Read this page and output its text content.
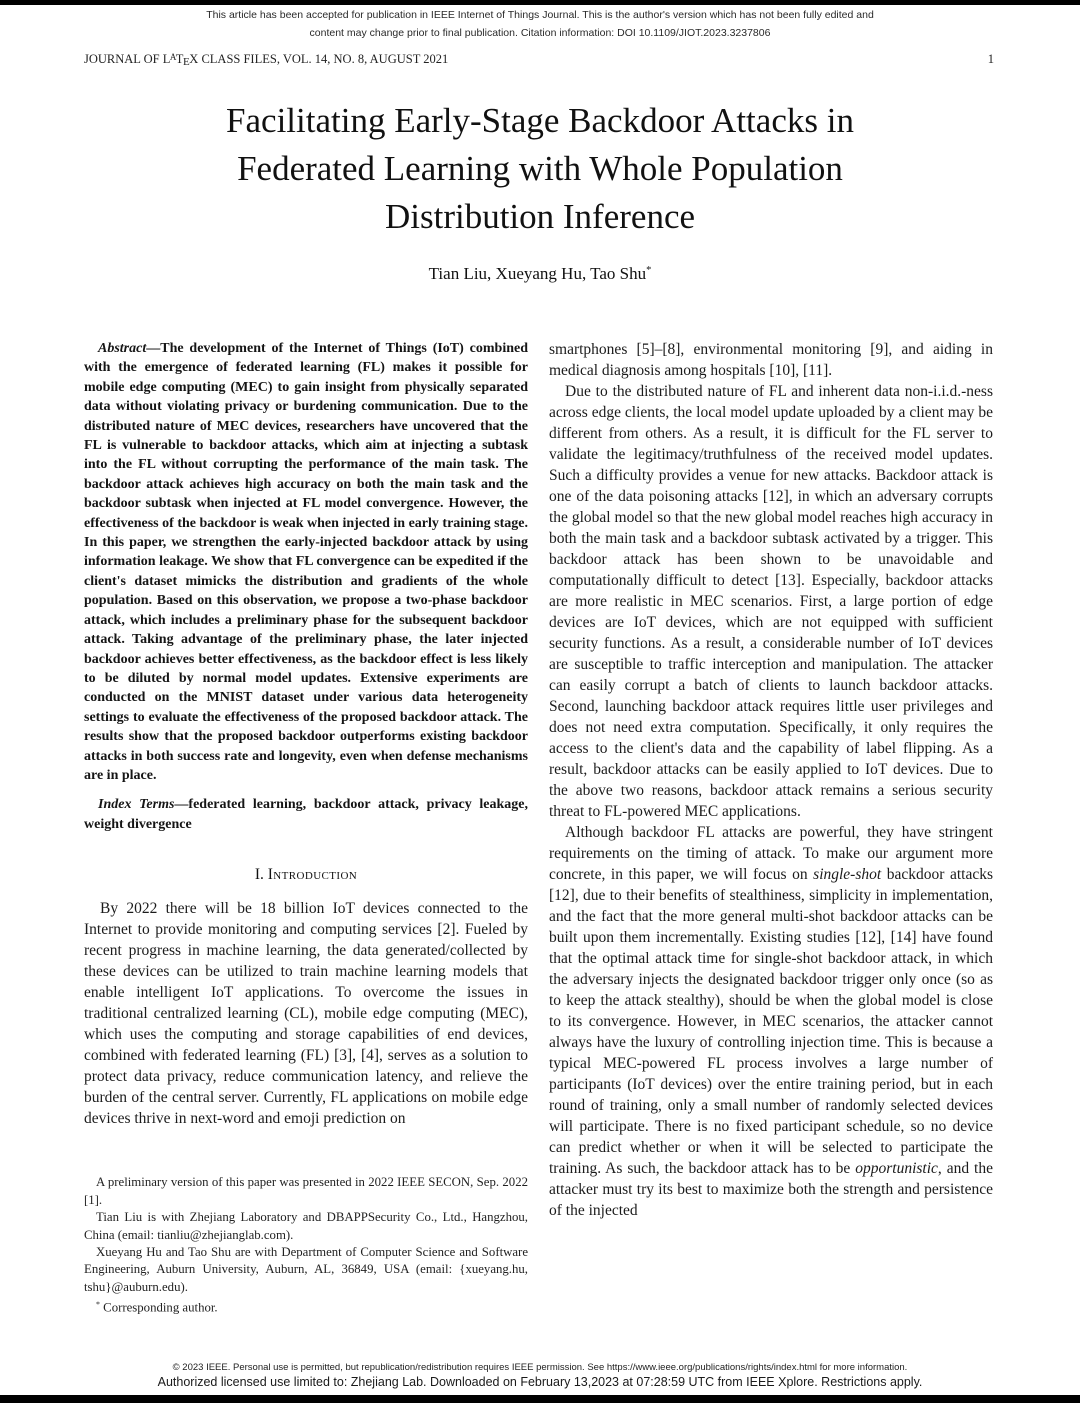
This article has been accepted for publication in IEEE Internet of Things Journal. This is the author's version which has not been fully edited and
content may change prior to final publication. Citation information: DOI 10.1109/JIOT.2023.3237806
JOURNAL OF LATEX CLASS FILES, VOL. 14, NO. 8, AUGUST 2021	1
Facilitating Early-Stage Backdoor Attacks in
Federated Learning with Whole Population
Distribution Inference
Tian Liu, Xueyang Hu, Tao Shu*

Abstract—The development of the Internet of Things (IoT) combined with the emergence of federated learning (FL) makes it possible for mobile edge computing (MEC) to gain insight from physically separated data without violating privacy or burdening communication. Due to the distributed nature of MEC devices, researchers have uncovered that the FL is vulnerable to backdoor attacks, which aim at injecting a subtask into the FL without corrupting the performance of the main task. The backdoor attack achieves high accuracy on both the main task and the backdoor subtask when injected at FL model convergence. However, the effectiveness of the backdoor is weak when injected in early training stage. In this paper, we strengthen the early-injected backdoor attack by using information leakage. We show that FL convergence can be expedited if the client's dataset mimicks the distribution and gradients of the whole population. Based on this observation, we propose a two-phase backdoor attack, which includes a preliminary phase for the subsequent backdoor attack. Taking advantage of the preliminary phase, the later injected backdoor achieves better effectiveness, as the backdoor effect is less likely to be diluted by normal model updates. Extensive experiments are conducted on the MNIST dataset under various data heterogeneity settings to evaluate the effectiveness of the proposed backdoor attack. The results show that the proposed backdoor outperforms existing backdoor attacks in both success rate and longevity, even when defense mechanisms are in place.

Index Terms—federated learning, backdoor attack, privacy leakage, weight divergence

I. Introduction

By 2022 there will be 18 billion IoT devices connected to the Internet to provide monitoring and computing services [2]. Fueled by recent progress in machine learning, the data generated/collected by these devices can be utilized to train machine learning models that enable intelligent IoT applications. To overcome the issues in traditional centralized learning (CL), mobile edge computing (MEC), which uses the computing and storage capabilities of end devices, combined with federated learning (FL) [3], [4], serves as a solution to protect data privacy, reduce communication latency, and relieve the burden of the central server. Currently, FL applications on mobile edge devices thrive in next-word and emoji prediction on

A preliminary version of this paper was presented in 2022 IEEE SECON, Sep. 2022 [1].

Tian Liu is with Zhejiang Laboratory and DBAPPSecurity Co., Ltd., Hangzhou, China (email: tianliu@zhejianglab.com).

Xueyang Hu and Tao Shu are with Department of Computer Science and Software Engineering, Auburn University, Auburn, AL, 36849, USA (email: {xueyang.hu, tshu}@auburn.edu).

* Corresponding author.

smartphones [5]–[8], environmental monitoring [9], and aiding in medical diagnosis among hospitals [10], [11].

Due to the distributed nature of FL and inherent data non-i.i.d.-ness across edge clients, the local model update uploaded by a client may be different from others. As a result, it is difficult for the FL server to validate the legitimacy/truthfulness of the received model updates. Such a difficulty provides a venue for new attacks. Backdoor attack is one of the data poisoning attacks [12], in which an adversary corrupts the global model so that the new global model reaches high accuracy in both the main task and a backdoor subtask activated by a trigger. This backdoor attack has been shown to be unavoidable and computationally difficult to detect [13]. Especially, backdoor attacks are more realistic in MEC scenarios. First, a large portion of edge devices are IoT devices, which are not equipped with sufficient security functions. As a result, a considerable number of IoT devices are susceptible to traffic interception and manipulation. The attacker can easily corrupt a batch of clients to launch backdoor attacks. Second, launching backdoor attack requires little user privileges and does not need extra computation. Specifically, it only requires the access to the client's data and the capability of label flipping. As a result, backdoor attacks can be easily applied to IoT devices. Due to the above two reasons, backdoor attack remains a serious security threat to FL-powered MEC applications.

Although backdoor FL attacks are powerful, they have stringent requirements on the timing of attack. To make our argument more concrete, in this paper, we will focus on single-shot backdoor attacks [12], due to their benefits of stealthiness, simplicity in implementation, and the fact that the more general multi-shot backdoor attacks can be built upon them incrementally. Existing studies [12], [14] have found that the optimal attack time for single-shot backdoor attack, in which the adversary injects the designated backdoor trigger only once (so as to keep the attack stealthy), should be when the global model is close to its convergence. However, in MEC scenarios, the attacker cannot always have the luxury of controlling injection time. This is because a typical MEC-powered FL process involves a large number of participants (IoT devices) over the entire training period, but in each round of training, only a small number of randomly selected devices will participate. There is no fixed participant schedule, so no device can predict whether or when it will be selected to participate the training. As such, the backdoor attack has to be opportunistic, and the attacker must try its best to maximize both the strength and persistence of the injected

© 2023 IEEE. Personal use is permitted, but republication/redistribution requires IEEE permission. See https://www.ieee.org/publications/rights/index.html for more information.
Authorized licensed use limited to: Zhejiang Lab. Downloaded on February 13,2023 at 07:28:59 UTC from IEEE Xplore. Restrictions apply.
